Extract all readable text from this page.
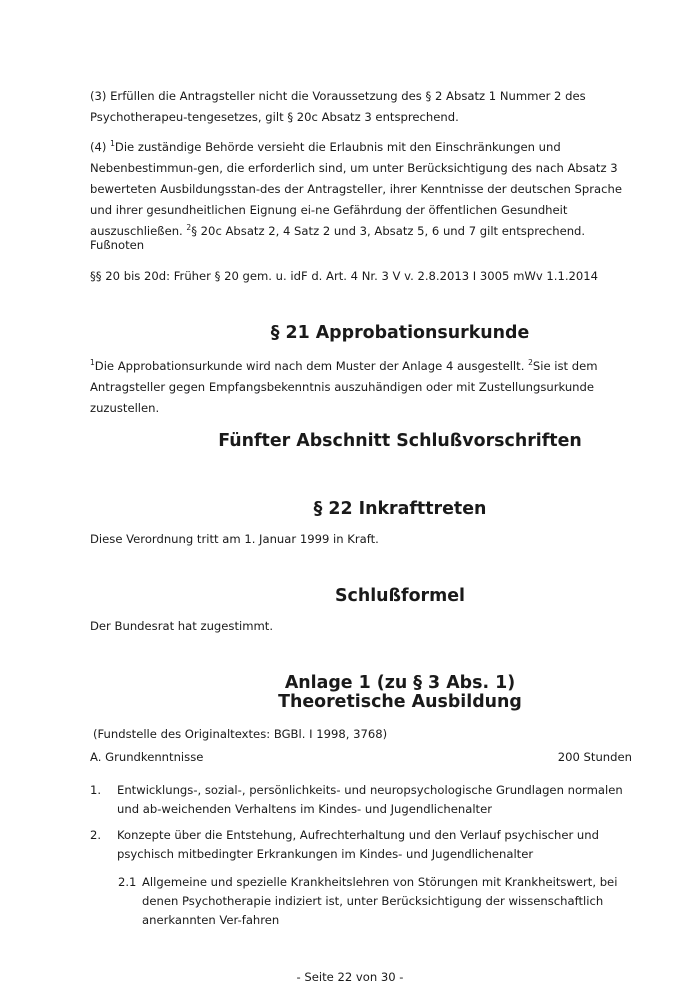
(3) Erfüllen die Antragsteller nicht die Voraussetzung des § 2 Absatz 1 Nummer 2 des Psychotherapeu-tengesetzes, gilt § 20c Absatz 3 entsprechend.

(4) $^1$Die zuständige Behörde versieht die Erlaubnis mit den Einschränkungen und Nebenbestimmun-gen, die erforderlich sind, um unter Berücksichtigung des nach Absatz 3 bewerteten Ausbildungsstan-des der Antragsteller, ihrer Kenntnisse der deutschen Sprache und ihrer gesundheitlichen Eignung ei-ne Gefährdung der öffentlichen Gesundheit auszuschließen. $^2$§ 20c Absatz 2, 4 Satz 2 und 3, Absatz 5, 6 und 7 gilt entsprechend.

Fußnoten

§§ 20 bis 20d: Früher § 20 gem. u. idF d. Art. 4 Nr. 3 V v. 2.8.2013 I 3005 mWv 1.1.2014

§ 21 Approbationsurkunde

$^1$Die Approbationsurkunde wird nach dem Muster der Anlage 4 ausgestellt. $^2$Sie ist dem Antragsteller gegen Empfangsbekenntnis auszuhändigen oder mit Zustellungsurkunde zuzustellen.

Fünfter Abschnitt Schlußvorschriften
§ 22 Inkrafttreten

Diese Verordnung tritt am 1. Januar 1999 in Kraft.

Schlußformel

Der Bundesrat hat zugestimmt.

Anlage 1 (zu § 3 Abs. 1)
Theoretische Ausbildung

(Fundstelle des Originaltextes: BGBl. I 1998, 3768)

A. Grundkenntnisse	200 Stunden
1.	Entwicklungs-, sozial-, persönlichkeits- und neuropsychologische Grundlagen normalen und ab-weichenden Verhaltens im Kindes- und Jugendlichenalter
2.	Konzepte über die Entstehung, Aufrechterhaltung und den Verlauf psychischer und psychisch mitbedingter Erkrankungen im Kindes- und Jugendlichenalter
2.1 Allgemeine und spezielle Krankheitslehren von Störungen mit Krankheitswert, bei denen Psychotherapie indiziert ist, unter Berücksichtigung der wissenschaftlich anerkannten Ver-fahren
- Seite 22 von 30 -
